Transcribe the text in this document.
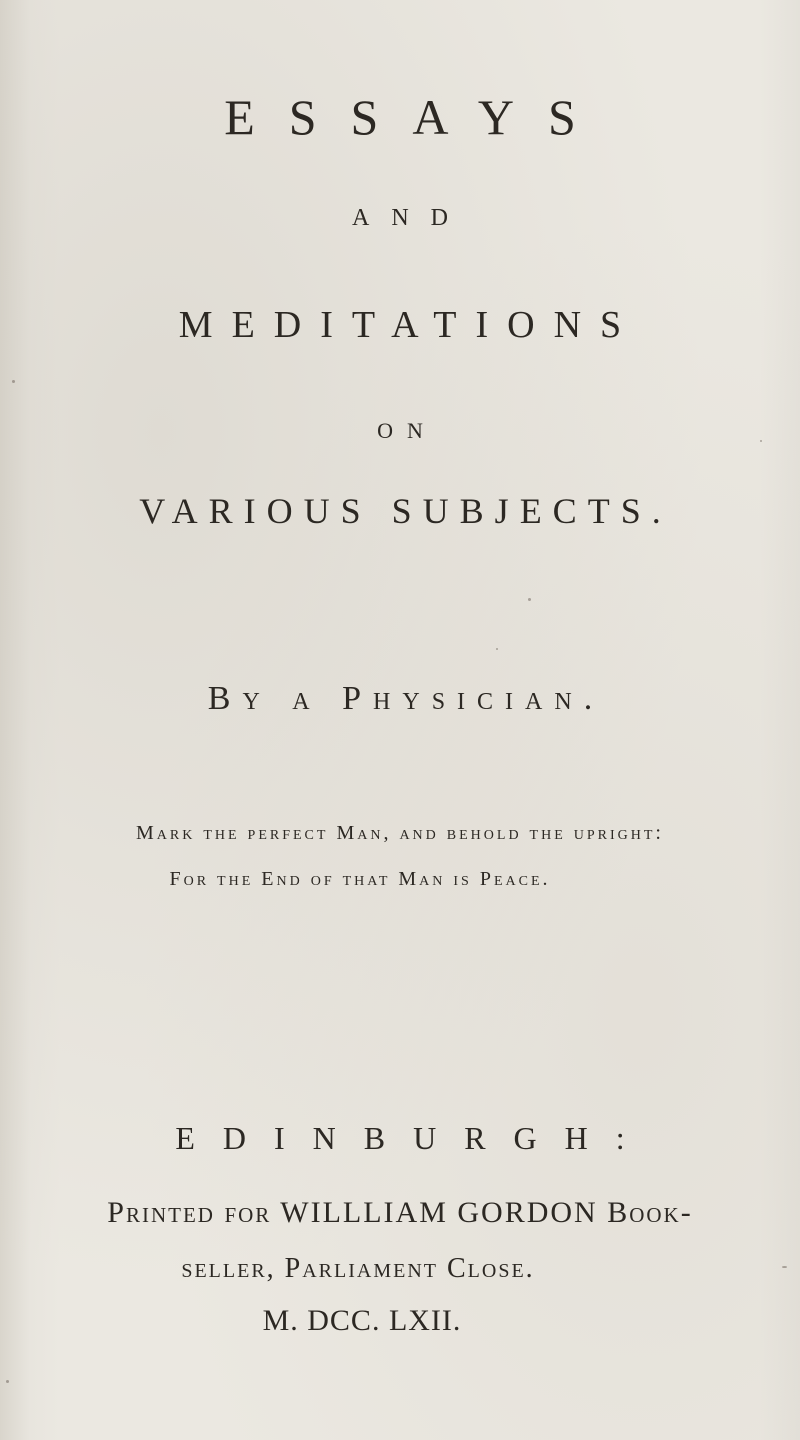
ESSAYS
AND
MEDITATIONS
ON
VARIOUS SUBJECTS.
By a Physician.
Mark the perfect Man, and behold the upright:
For the End of that Man is Peace.
EDINBURGH:
Printed for WILLLIAM GORDON Book-
seller, Parliament Close.
M. DCC. LXII.
